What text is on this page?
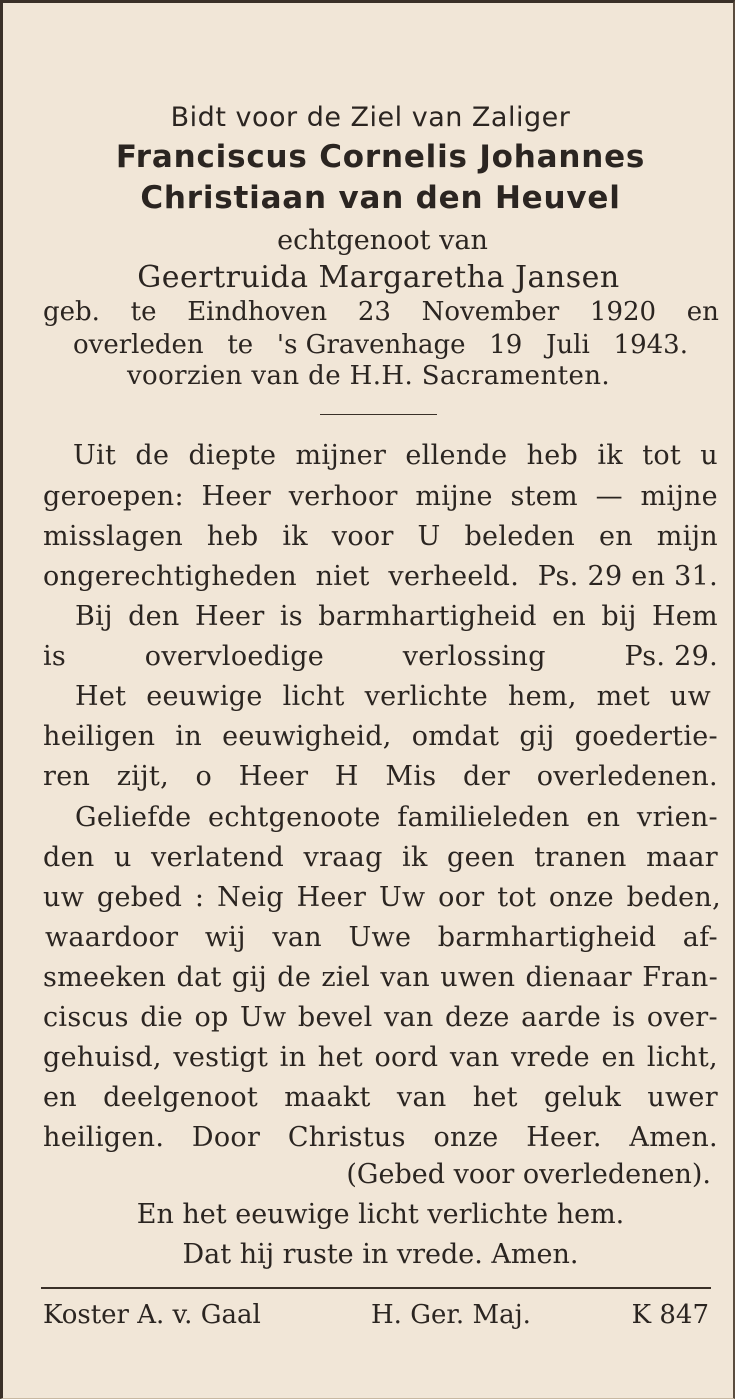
Bidt voor de Ziel van Zaliger
Franciscus Cornelis Johannes
Christiaan van den Heuvel
echtgenoot van
Geertruida Margaretha Jansen
geb. te Eindhoven 23 November 1920 en
overleden te 's Gravenhage 19 Juli 1943.
voorzien van de H.H. Sacramenten.
Uit de diepte mijner ellende heb ik tot u
geroepen: Heer verhoor mijne stem — mijne
misslagen heb ik voor U beleden en mijn
ongerechtigheden niet verheeld. Ps. 29 en 31.
Bij den Heer is barmhartigheid en bij Hem
is	overvloedige	verlossing	Ps. 29.
Het eeuwige licht verlichte hem, met uw
heiligen in eeuwigheid, omdat gij goedertie-
ren zijt, o Heer H Mis der overledenen.
Geliefde echtgenoote familieleden en vrien-
den u verlatend vraag ik geen tranen maar
uw gebed : Neig Heer Uw oor tot onze beden,
waardoor wij van Uwe barmhartigheid af-
smeeken dat gij de ziel van uwen dienaar Fran-
ciscus die op Uw bevel van deze aarde is over-
gehuisd, vestigt in het oord van vrede en licht,
en deelgenoot maakt van het geluk uwer
heiligen. Door Christus onze Heer. Amen.
(Gebed voor overledenen).
En het eeuwige licht verlichte hem.
Dat hij ruste in vrede. Amen.
Koster A. v. Gaal	H. Ger. Maj.	K 847
